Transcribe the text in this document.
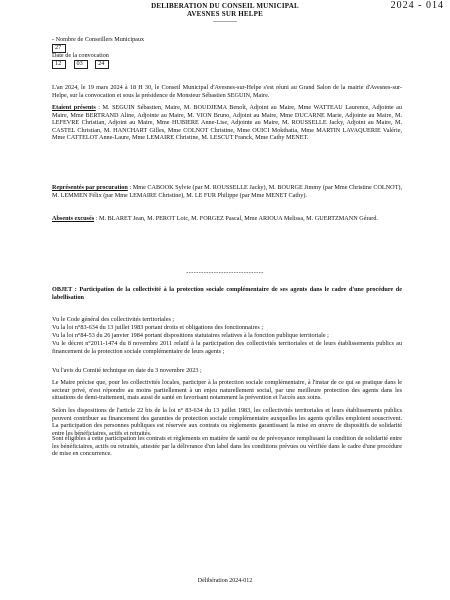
DELIBERATION DU CONSEIL MUNICIPAL
AVESNES SUR HELPE
------------
2024 - 014
- Nombre de Conseillers Municipaux
27
Date de la convocation
12 03 24
L'an 2024, le 19 mars 2024 à 18 H 30, le Conseil Municipal d'Avesnes-sur-Helpe s'est réuni au Grand Salon de la mairie d'Avesnes-sur-Helpe, sur la convocation et sous la présidence de Monsieur Sébastien SEGUIN, Maire.
Etaient présents : M. SEGUIN Sébastien, Maire, M. BOUDJEMA Benoît, Adjoint au Maire, Mme WATTEAU Laurence, Adjointe au Maire, Mme BERTRAND Aline, Adjointe au Maire, M. VION Bruno, Adjoint au Maire, Mme DUCARNE Marie, Adjointe au Maire, M. LEFEVRE Christian, Adjoint au Maire, Mme HUBIERE Anne-Lise, Adjointe au Maire, M. ROUSSELLE Jacky, Adjoint au Maire, M. CASTEL Christian, M. HANCHART Gilles, Mme COLNOT Christine, Mme OUICI Mokthatia, Mme MARTIN LAVAQUERIE Valérie, Mme CATTELOT Anne-Laure, Mme LEMAIRE Christine, M. LESCUT Franck, Mme Cathy MENET.
Représentés par procuration : Mme CABOOK Sylvie (par M. ROUSSELLE Jacky), M. BOURGE Jimmy (par Mme Christine COLNOT), M. LEMMEN Félix (par Mme LEMAIRE Christine), M. LE FUR Philippe (par Mme MENET Cathy).
Absents excusés : M. BLARET Jean, M. PEROT Loic, M. FORGEZ Pascal, Mme ARIOUA Melissa, M. GUERTZMANN Gérard.
-------------------------------
OBJET : Participation de la collectivité à la protection sociale complémentaire de ses agents dans le cadre d'une procédure de labellisation
Vu le Code général des collectivités territoriales ;
Vu la loi n°83-634 du 13 juillet 1983 portant droits et obligations des fonctionnaires ;
Vu la loi n°84-53 du 26 janvier 1984 portant dispositions statutaires relatives à la fonction publique territoriale ;
Vu le décret n°2011-1474 du 8 novembre 2011 relatif à la participation des collectivités territoriales et de leurs établissements publics au financement de la protection sociale complémentaire de leurs agents ;
Vu l'avis du Comité technique en date du 3 novembre 2023 ;
Le Maire précise que, pour les collectivités locales, participer à la protection sociale complémentaire, à l'instar de ce qui se pratique dans le secteur privé, n'est répondre au moins partiellement à un enjeu naturellement social, par une meilleure protection des agents dans les situations de demi-traitement, mais aussi de santé en favorisant notamment la prévention et l'accès aux soins.
Selon les dispositions de l'article 22 bis de la loi n° 83-634 du 13 juillet 1983, les collectivités territoriales et leurs établissements publics peuvent contribuer au financement des garanties de protection sociale complémentaire auxquelles les agents qu'elles emploient souscrivent. La participation des personnes publiques est réservée aux contrats ou règlements garantissant la mise en œuvre de dispositifs de solidarité entre les bénéficiaires, actifs et retraités.
Sont éligibles à cette participation les contrats et règlements en matière de santé ou de prévoyance remplissant la condition de solidarité entre les bénéficiaires, actifs ou retraités, attestée par la délivrance d'un label dans les conditions prévues ou vérifiée dans le cadre d'une procédure de mise en concurrence.
Délibération 2024-012
